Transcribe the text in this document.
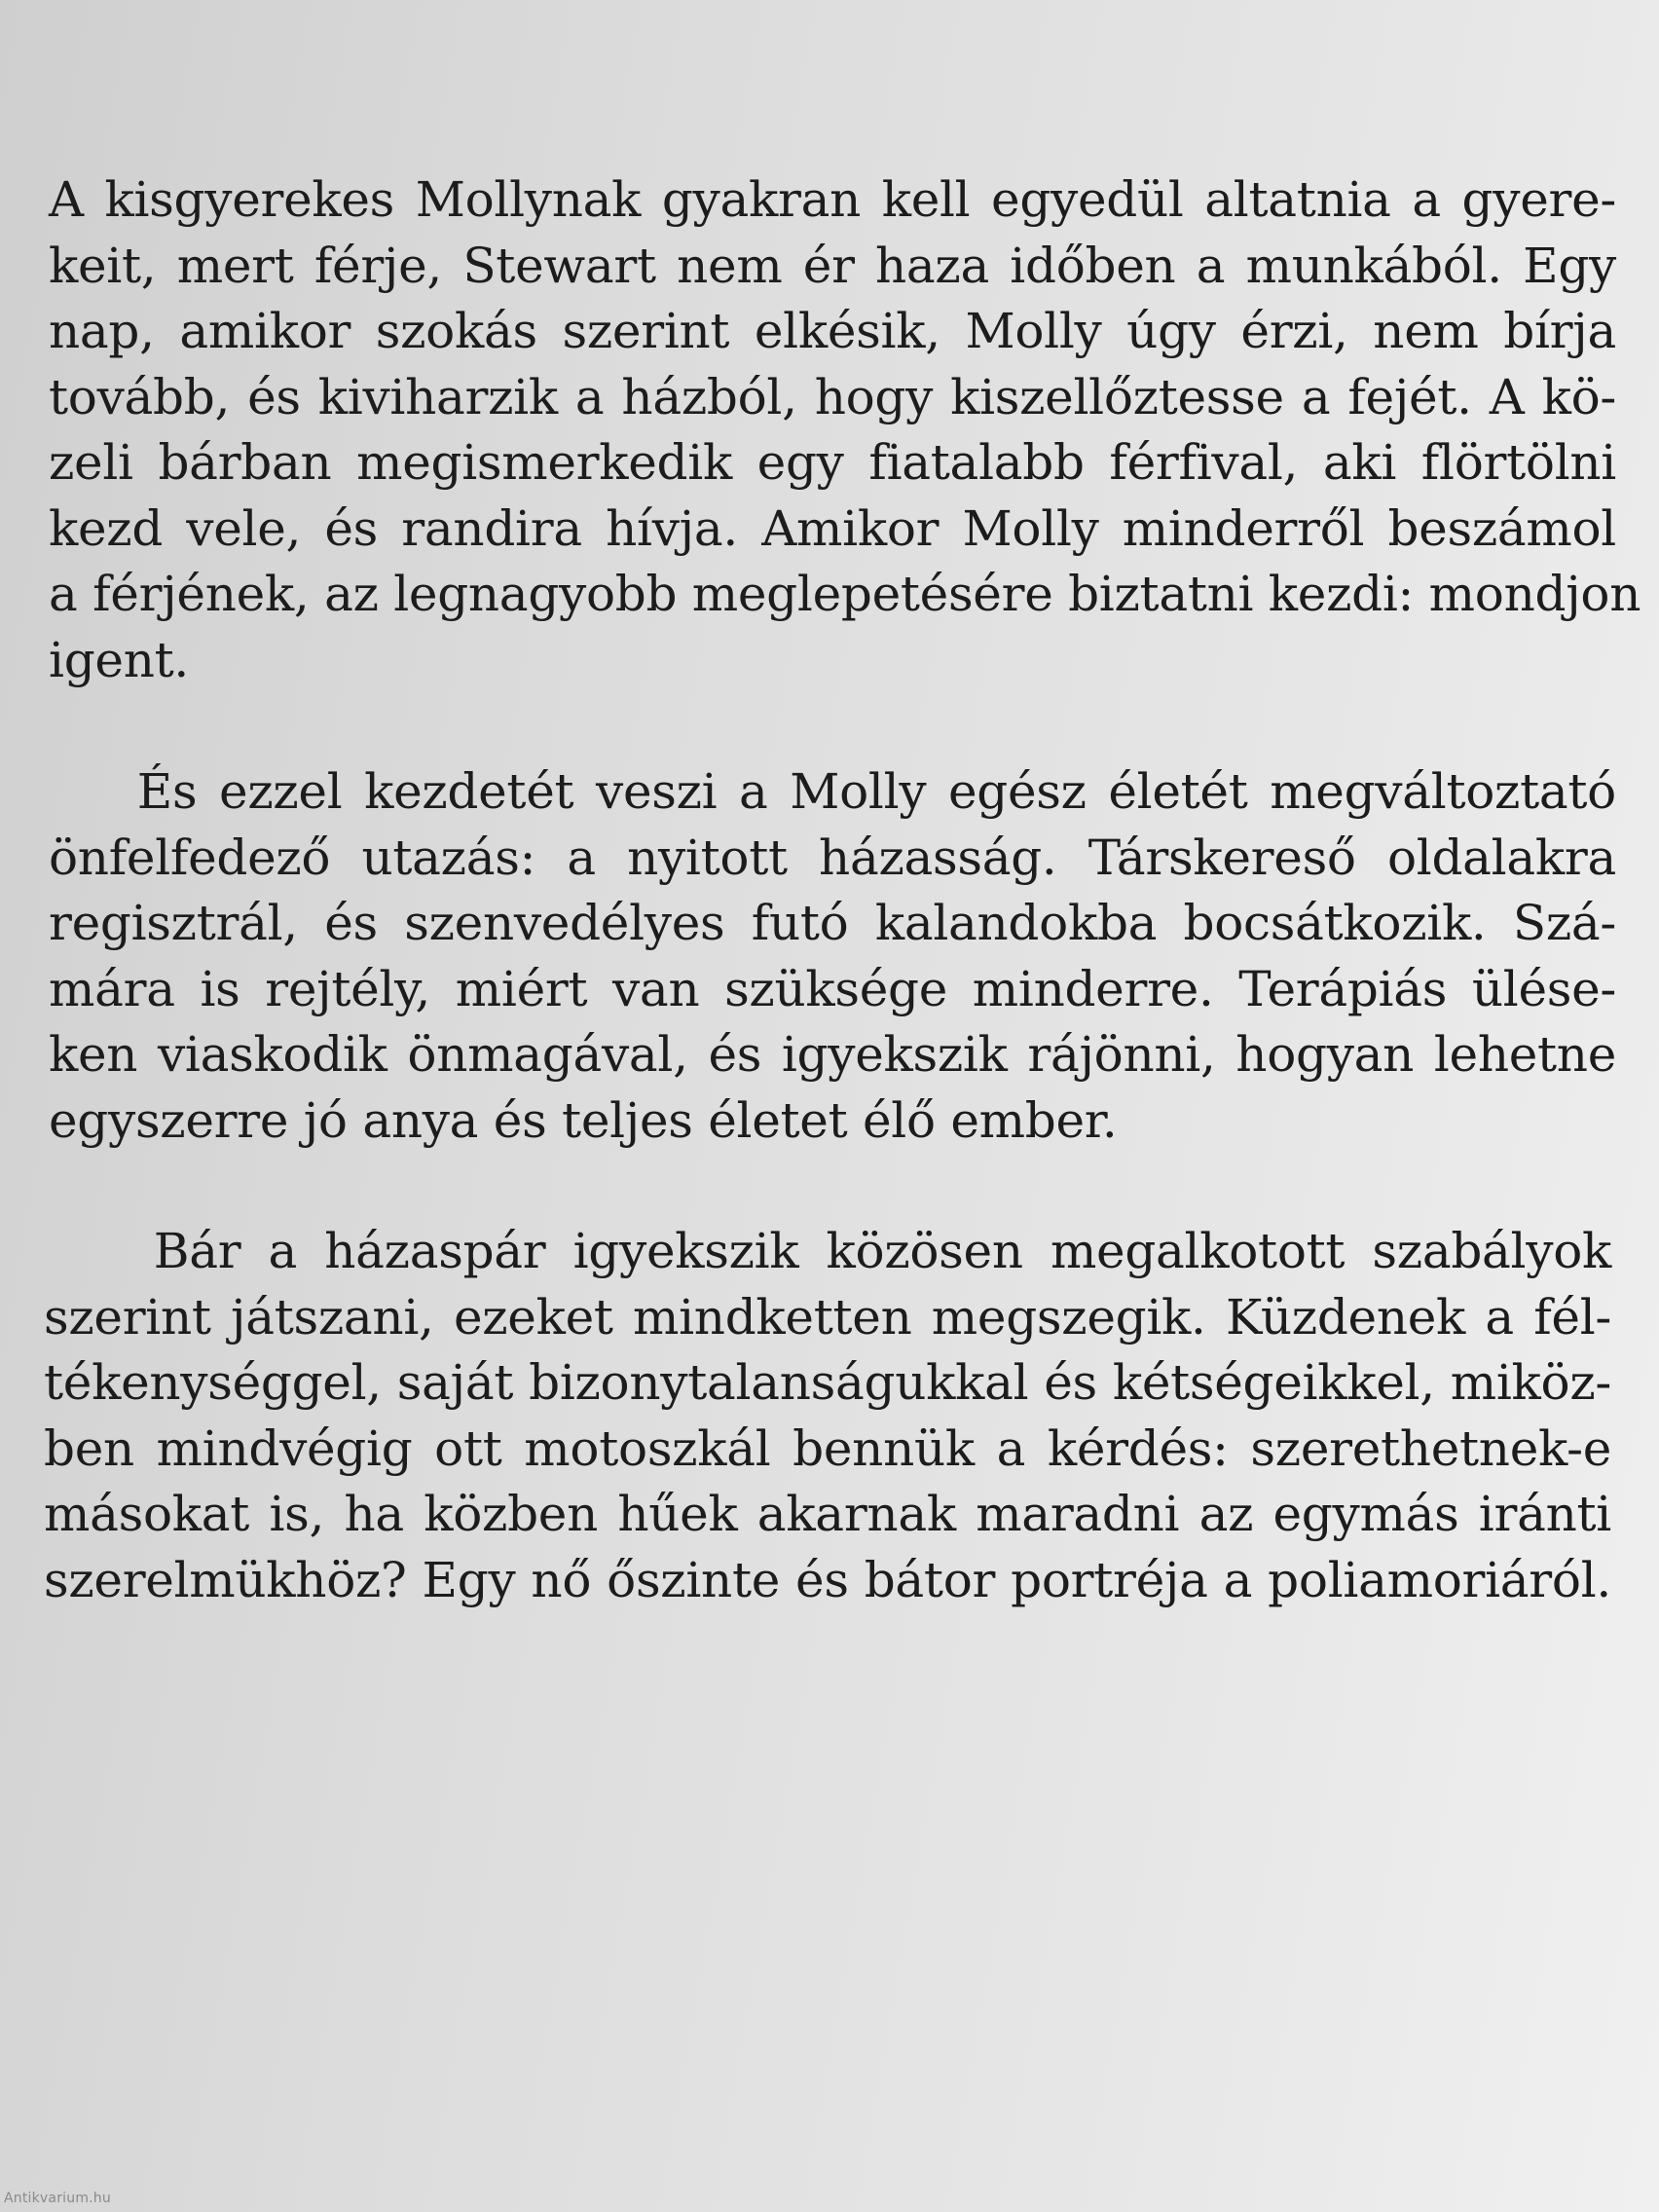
A kisgyerekes Mollynak gyakran kell egyedül altatnia a gyere-
keit, mert férje, Stewart nem ér haza időben a munkából. Egy
nap, amikor szokás szerint elkésik, Molly úgy érzi, nem bírja
tovább, és kiviharzik a házból, hogy kiszellőztesse a fejét. A kö-
zeli bárban megismerkedik egy fiatalabb férfival, aki flörtölni
kezd vele, és randira hívja. Amikor Molly minderről beszámol
a férjének, az legnagyobb meglepetésére biztatni kezdi: mondjon
igent.

És ezzel kezdetét veszi a Molly egész életét megváltoztató
önfelfedező utazás: a nyitott házasság. Társkereső oldalakra
regisztrál, és szenvedélyes futó kalandokba bocsátkozik. Szá-
mára is rejtély, miért van szüksége minderre. Terápiás ülése-
ken viaskodik önmagával, és igyekszik rájönni, hogyan lehetne
egyszerre jó anya és teljes életet élő ember.

Bár a házaspár igyekszik közösen megalkotott szabályok
szerint játszani, ezeket mindketten megszegik. Küzdenek a fél-
tékenységgel, saját bizonytalanságukkal és kétségeikkel, miköz-
ben mindvégig ott motoszkál bennük a kérdés: szerethetnek-e
másokat is, ha közben hűek akarnak maradni az egymás iránti
szerelmükhöz? Egy nő őszinte és bátor portréja a poliamoriáról.

Antikvarium.hu
